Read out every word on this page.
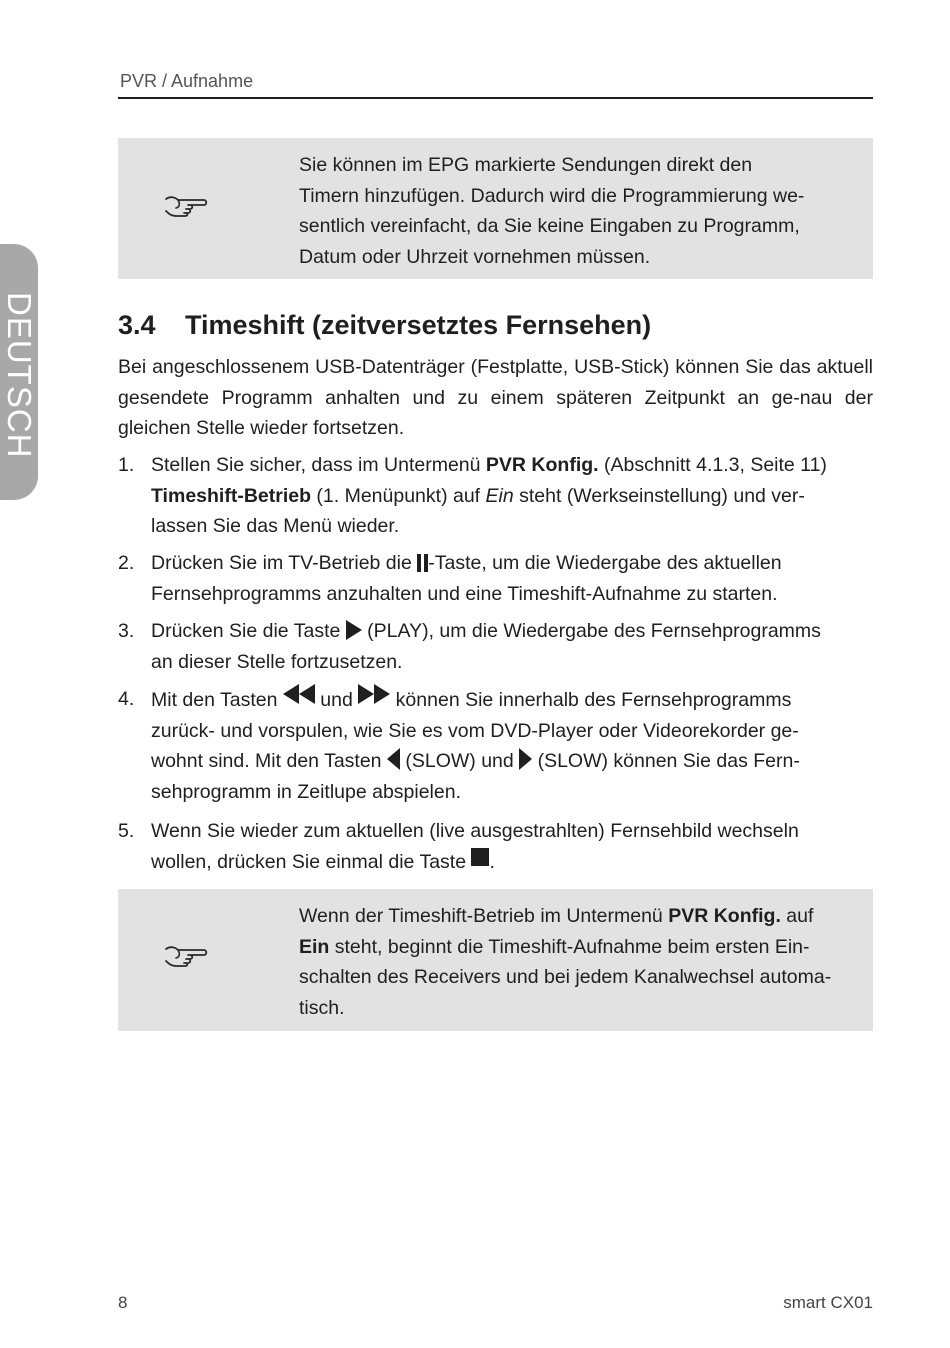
PVR / Aufnahme
DEUTSCH
Sie können im EPG markierte Sendungen direkt den
Timern hinzufügen. Dadurch wird die Programmierung we-
sentlich vereinfacht, da Sie keine Eingaben zu Programm,
Datum oder Uhrzeit vornehmen müssen.
3.4 Timeshift (zeitversetztes Fernsehen)
Bei angeschlossenem USB-Datenträger (Festplatte, USB-Stick) können Sie das aktuell gesendete Programm anhalten und zu einem späteren Zeitpunkt an ge-nau der gleichen Stelle wieder fortsetzen.
1. Stellen Sie sicher, dass im Untermenü PVR Konfig. (Abschnitt 4.1.3, Seite 11)
Timeshift-Betrieb (1. Menüpunkt) auf Ein steht (Werkseinstellung) und ver-
lassen Sie das Menü wieder.
2. Drücken Sie im TV-Betrieb die -Taste, um die Wiedergabe des aktuellen
Fernsehprogramms anzuhalten und eine Timeshift-Aufnahme zu starten.
3. Drücken Sie die Taste  (PLAY), um die Wiedergabe des Fernsehprogramms
an dieser Stelle fortzusetzen.
4. Mit den Tasten  und  können Sie innerhalb des Fernsehprogramms
zurück- und vorspulen, wie Sie es vom DVD-Player oder Videorekorder ge-
wohnt sind. Mit den Tasten  (SLOW) und  (SLOW) können Sie das Fern-
sehprogramm in Zeitlupe abspielen.
5. Wenn Sie wieder zum aktuellen (live ausgestrahlten) Fernsehbild wechseln
wollen, drücken Sie einmal die Taste .
Wenn der Timeshift-Betrieb im Untermenü PVR Konfig. auf
Ein steht, beginnt die Timeshift-Aufnahme beim ersten Ein-
schalten des Receivers und bei jedem Kanalwechsel automa-
tisch.
8	smart CX01
